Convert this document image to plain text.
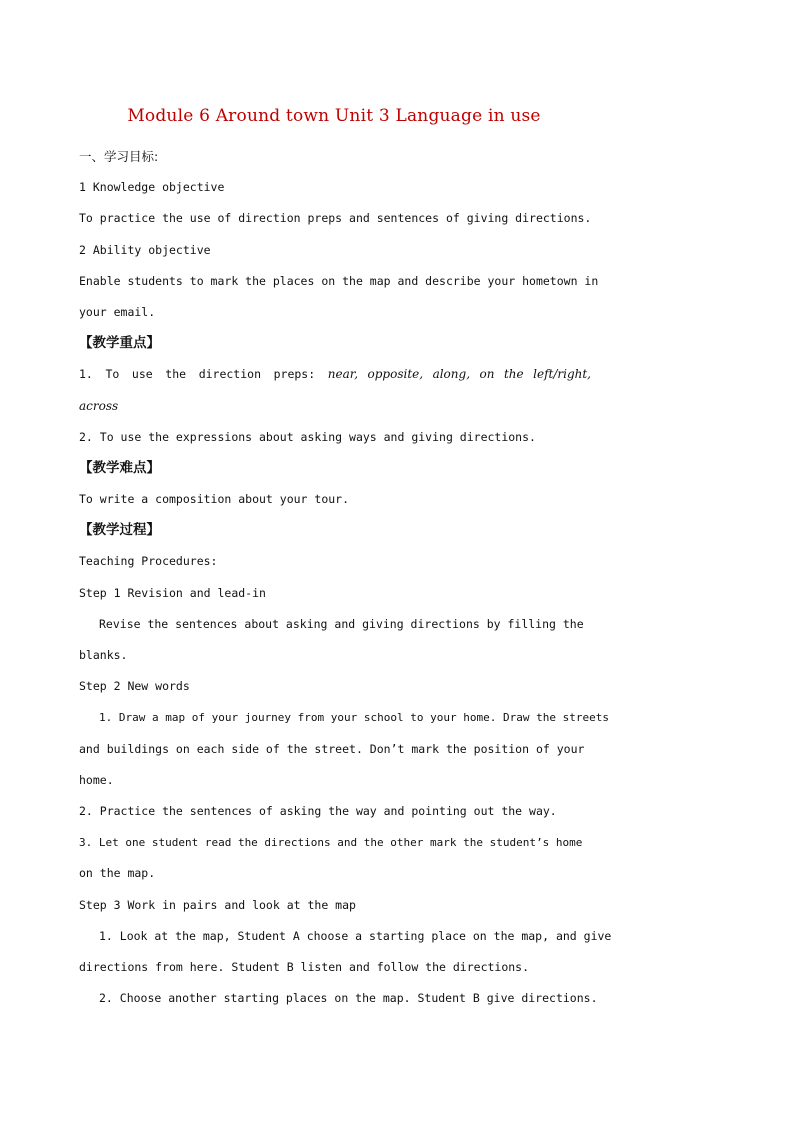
Module 6 Around town Unit 3 Language in use
一、学习目标:
1 Knowledge objective
To practice the use of direction preps and sentences of giving directions.
2 Ability objective
Enable students to mark the places on the map and describe your hometown in
your email.
【教学重点】
1. To use the direction preps: near, opposite, along, on the left/right,
across
2. To use the expressions about asking ways and giving directions.
【教学难点】
To write a composition about your tour.
【教学过程】
Teaching Procedures:
Step 1 Revision and lead-in
Revise the sentences about asking and giving directions by filling the
blanks.
Step 2 New words
1. Draw a map of your journey from your school to your home. Draw the streets
and buildings on each side of the street. Don’t mark the position of your
home.
2. Practice the sentences of asking the way and pointing out the way.
3. Let one student read the directions and the other mark the student’s home
on the map.
Step 3 Work in pairs and look at the map
1. Look at the map, Student A choose a starting place on the map, and give
directions from here. Student B listen and follow the directions.
2. Choose another starting places on the map. Student B give directions.
